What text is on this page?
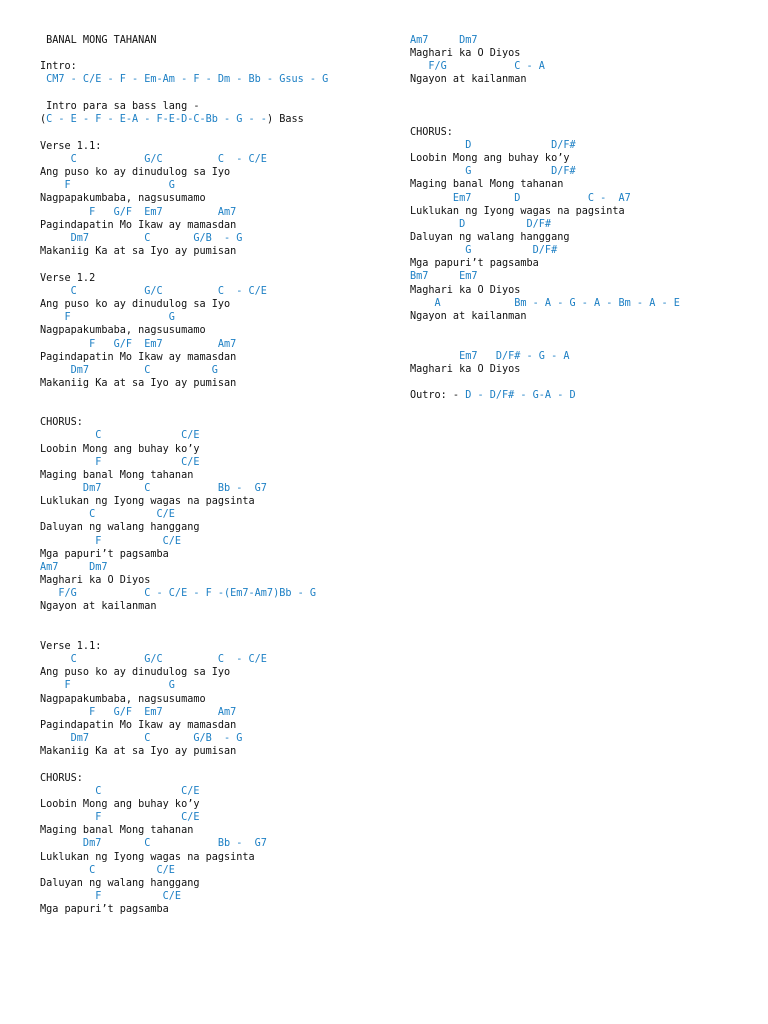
BANAL MONG TAHANAN
Intro:
CM7 - C/E - F - Em-Am - F - Dm - Bb - Gsus - G
Intro para sa bass lang -
(C - E - F - E-A - F-E-D-C-Bb - G - -) Bass
Verse 1.1:
C           G/C         C  - C/E
Ang puso ko ay dinudulog sa Iyo
F                G
Nagpapakumbaba, nagsusumamo
F   G/F  Em7         Am7
Pagindapatin Mo Ikaw ay mamasdan
Dm7         C       G/B  - G
Makaniig Ka at sa Iyo ay pumisan
Verse 1.2
C           G/C         C  - C/E
Ang puso ko ay dinudulog sa Iyo
F                G
Nagpapakumbaba, nagsusumamo
F   G/F  Em7         Am7
Pagindapatin Mo Ikaw ay mamasdan
Dm7         C          G
Makaniig Ka at sa Iyo ay pumisan
CHORUS:
C             C/E
Loobin Mong ang buhay ko’y
F             C/E
Maging banal Mong tahanan
Dm7       C           Bb -  G7
Luklukan ng Iyong wagas na pagsinta
C          C/E
Daluyan ng walang hanggang
F          C/E
Mga papuri’t pagsamba
Am7     Dm7
Maghari ka O Diyos
F/G           C - C/E - F -(Em7-Am7)Bb - G
Ngayon at kailanman
Verse 1.1:
C           G/C         C  - C/E
Ang puso ko ay dinudulog sa Iyo
F                G
Nagpapakumbaba, nagsusumamo
F   G/F  Em7         Am7
Pagindapatin Mo Ikaw ay mamasdan
Dm7         C       G/B  - G
Makaniig Ka at sa Iyo ay pumisan
CHORUS:
C             C/E
Loobin Mong ang buhay ko’y
F             C/E
Maging banal Mong tahanan
Dm7       C           Bb -  G7
Luklukan ng Iyong wagas na pagsinta
C          C/E
Daluyan ng walang hanggang
F          C/E
Mga papuri’t pagsamba
Am7     Dm7
Maghari ka O Diyos
F/G           C - A
Ngayon at kailanman
CHORUS:
D             D/F#
Loobin Mong ang buhay ko’y
G             D/F#
Maging banal Mong tahanan
Em7       D           C -  A7
Luklukan ng Iyong wagas na pagsinta
D          D/F#
Daluyan ng walang hanggang
G          D/F#
Mga papuri’t pagsamba
Bm7     Em7
Maghari ka O Diyos
A            Bm - A - G - A - Bm - A - E
Ngayon at kailanman
Em7   D/F# - G - A
Maghari ka O Diyos
Outro: - D - D/F# - G-A - D
